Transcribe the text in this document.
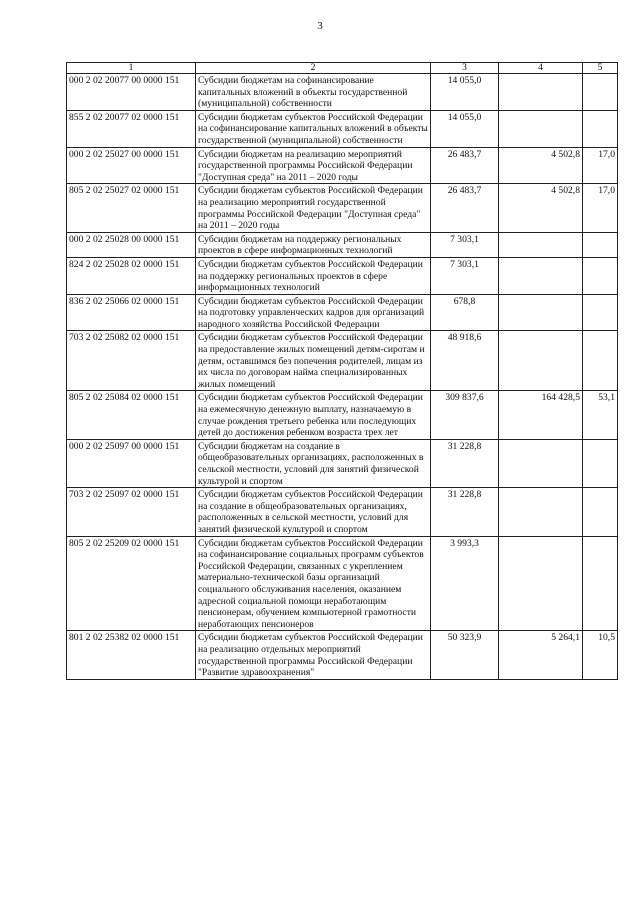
3
1	2	3	4	5
000 2 02 20077 00 0000 151	Субсидии бюджетам на софинансирование капитальных вложений в объекты государственной (муниципальной) собственности	14 055,0		
855 2 02 20077 02 0000 151	Субсидии бюджетам субъектов Российской Федерации на софинансирование капитальных вложений в объекты государственной (муниципальной) собственности	14 055,0		
000 2 02 25027 00 0000 151	Субсидии бюджетам на реализацию мероприятий государственной программы Российской Федерации "Доступная среда" на 2011 – 2020 годы	26 483,7	4 502,8	17,0
805 2 02 25027 02 0000 151	Субсидии бюджетам субъектов Российской Федерации на реализацию мероприятий государственной программы Российской Федерации "Доступная среда" на 2011 – 2020 годы	26 483,7	4 502,8	17,0
000 2 02 25028 00 0000 151	Субсидии бюджетам на поддержку региональных проектов в сфере информационных технологий	7 303,1		
824 2 02 25028 02 0000 151	Субсидии бюджетам субъектов Российской Федерации на поддержку региональных проектов в сфере информационных технологий	7 303,1		
836 2 02 25066 02 0000 151	Субсидии бюджетам субъектов Российской Федерации на подготовку управленческих кадров для организаций народного хозяйства Российской Федерации	678,8		
703 2 02 25082 02 0000 151	Субсидии бюджетам субъектов Российской Федерации на предоставление жилых помещений детям-сиротам и детям, оставшимся без попечения родителей, лицам из их числа по договорам найма специализированных жилых помещений	48 918,6		
805 2 02 25084 02 0000 151	Субсидии бюджетам субъектов Российской Федерации на ежемесячную денежную выплату, назначаемую в случае рождения третьего ребенка или последующих детей до достижения ребенком возраста трех лет	309 837,6	164 428,5	53,1
000 2 02 25097 00 0000 151	Субсидии бюджетам на создание в общеобразовательных организациях, расположенных в сельской местности, условий для занятий физической культурой и спортом	31 228,8		
703 2 02 25097 02 0000 151	Субсидии бюджетам субъектов Российской Федерации на создание в общеобразовательных организациях, расположенных в сельской местности, условий для занятий физической культурой и спортом	31 228,8		
805 2 02 25209 02 0000 151	Субсидии бюджетам субъектов Российской Федерации на софинансирование социальных программ субъектов Российской Федерации, связанных с укреплением материально-технической базы организаций социального обслуживания населения, оказанием адресной социальной помощи неработающим пенсионерам, обучением компьютерной грамотности неработающих пенсионеров	3 993,3		
801 2 02 25382 02 0000 151	Субсидии бюджетам субъектов Российской Федерации на реализацию отдельных мероприятий государственной программы Российской Федерации "Развитие здравоохранения"	50 323,9	5 264,1	10,5
